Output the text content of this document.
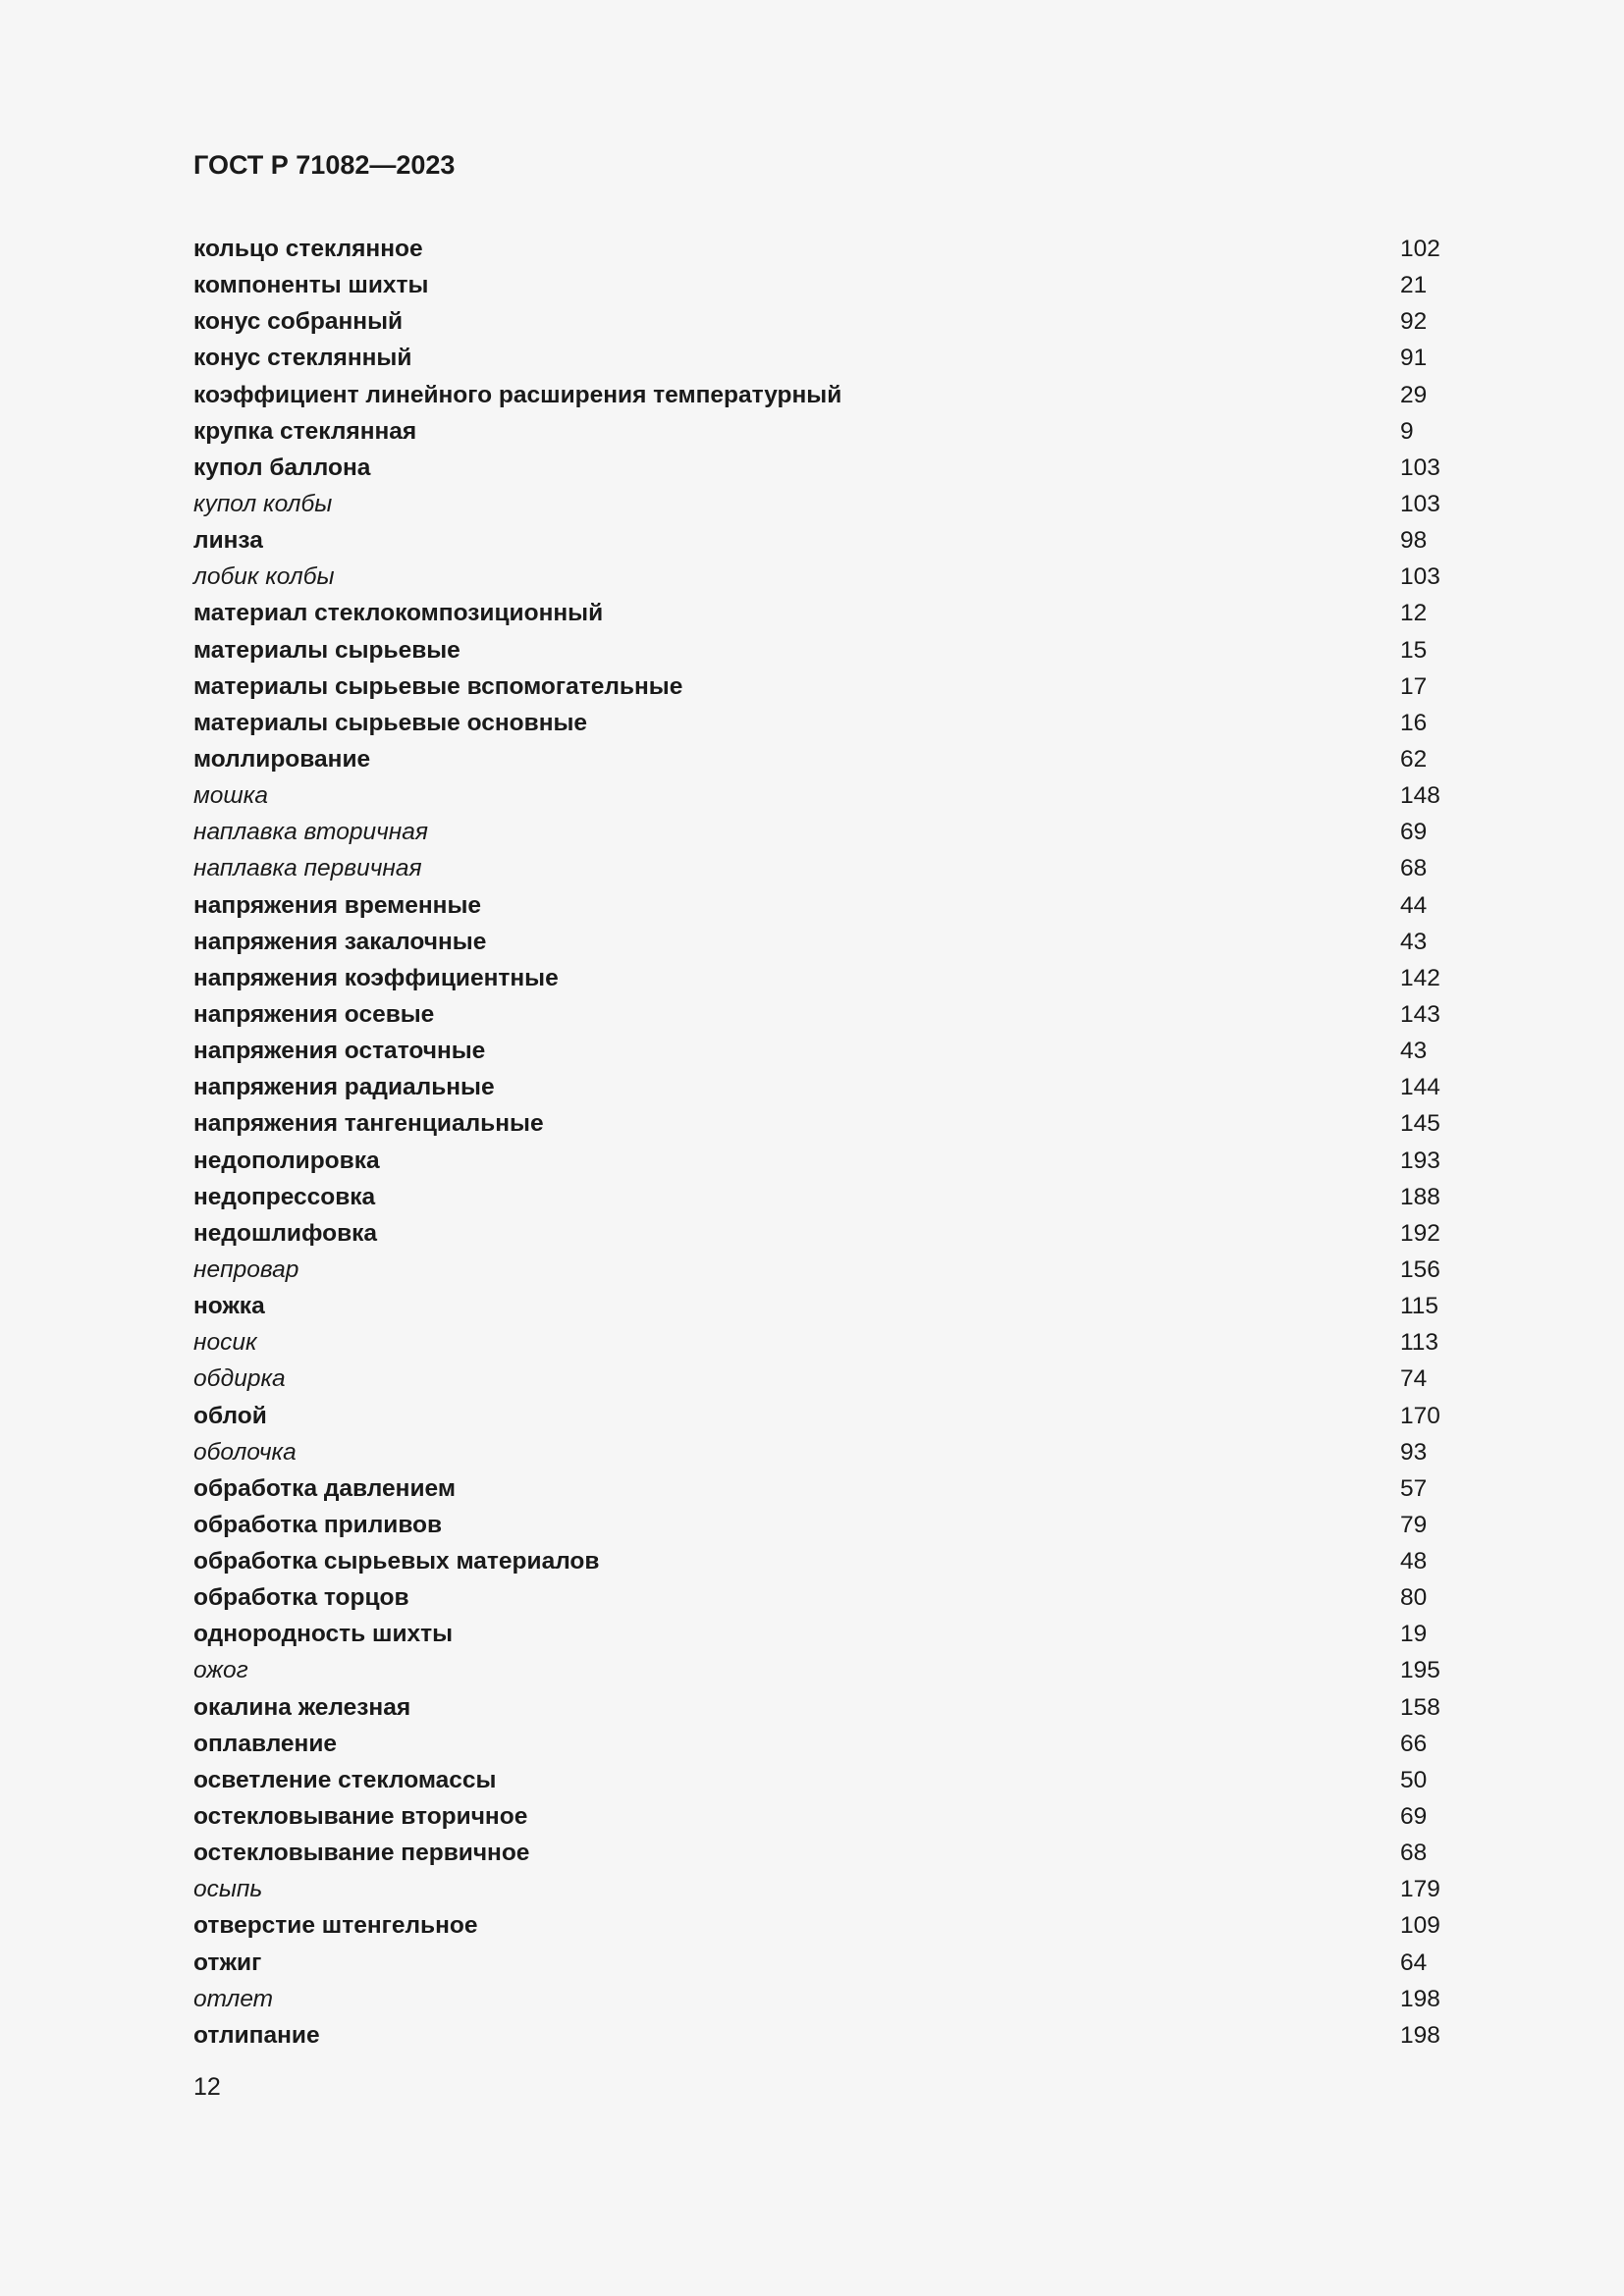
ГОСТ Р 71082—2023
кольцо стеклянное	102
компоненты шихты	21
конус собранный	92
конус стеклянный	91
коэффициент линейного расширения температурный	29
крупка стеклянная	9
купол баллона	103
купол колбы	103
линза	98
лобик колбы	103
материал стеклокомпозиционный	12
материалы сырьевые	15
материалы сырьевые вспомогательные	17
материалы сырьевые основные	16
моллирование	62
мошка	148
наплавка вторичная	69
наплавка первичная	68
напряжения временные	44
напряжения закалочные	43
напряжения коэффициентные	142
напряжения осевые	143
напряжения остаточные	43
напряжения радиальные	144
напряжения тангенциальные	145
недополировка	193
недопрессовка	188
недошлифовка	192
непровар	156
ножка	115
носик	113
обдирка	74
облой	170
оболочка	93
обработка давлением	57
обработка приливов	79
обработка сырьевых материалов	48
обработка торцов	80
однородность шихты	19
ожог	195
окалина железная	158
оплавление	66
осветление стекломассы	50
остекловывание вторичное	69
остекловывание первичное	68
осыпь	179
отверстие штенгельное	109
отжиг	64
отлет	198
отлипание	198
12
